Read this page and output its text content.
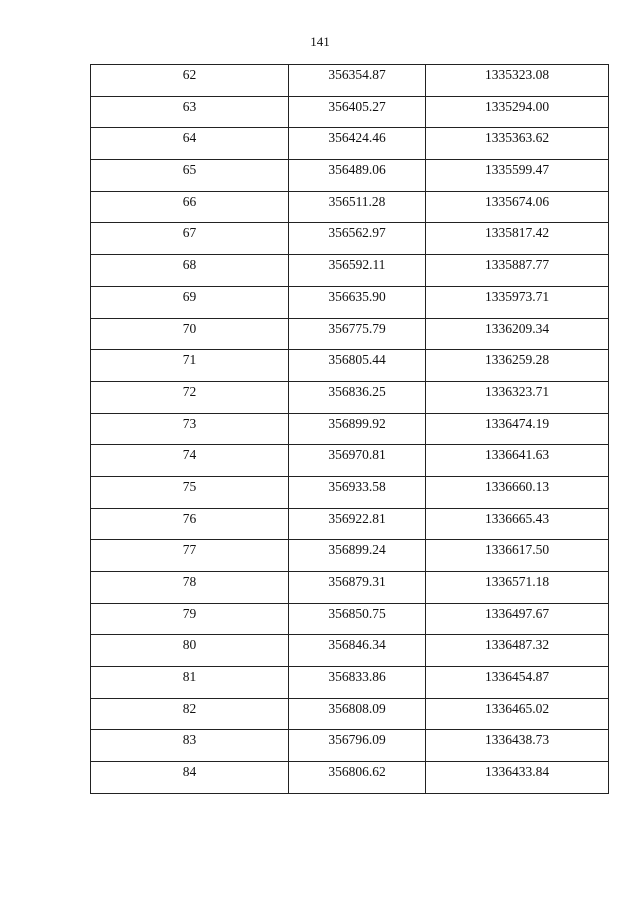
141
62	356354.87	1335323.08
63	356405.27	1335294.00
64	356424.46	1335363.62
65	356489.06	1335599.47
66	356511.28	1335674.06
67	356562.97	1335817.42
68	356592.11	1335887.77
69	356635.90	1335973.71
70	356775.79	1336209.34
71	356805.44	1336259.28
72	356836.25	1336323.71
73	356899.92	1336474.19
74	356970.81	1336641.63
75	356933.58	1336660.13
76	356922.81	1336665.43
77	356899.24	1336617.50
78	356879.31	1336571.18
79	356850.75	1336497.67
80	356846.34	1336487.32
81	356833.86	1336454.87
82	356808.09	1336465.02
83	356796.09	1336438.73
84	356806.62	1336433.84
